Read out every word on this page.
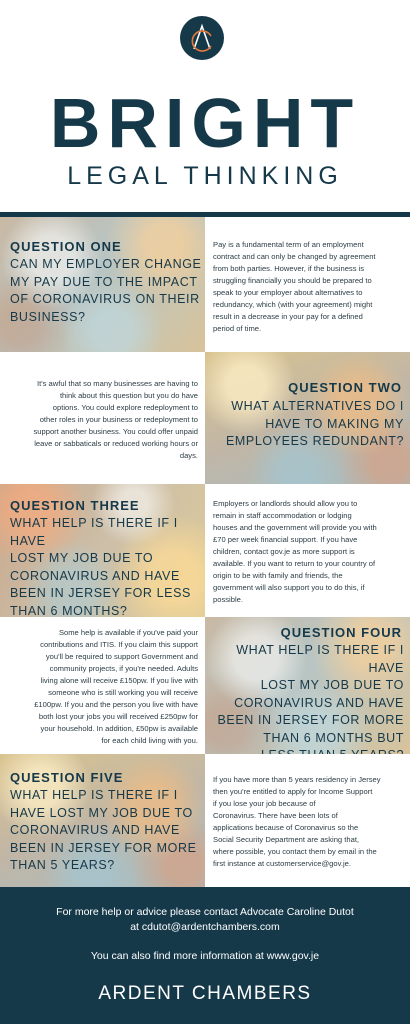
BRIGHT
LEGAL THINKING
QUESTION ONE
CAN MY EMPLOYER CHANGE
MY PAY DUE TO THE IMPACT
OF CORONAVIRUS ON THEIR
BUSINESS?
Pay is a fundamental term of an employment
contract and can only be changed by agreement
from both parties. However, if the business is
struggling financially you should be prepared to
speak to your employer about alternatives to
redundancy, which (with your agreement) might
result in a decrease in your pay for a defined
period of time.
It's awful that so many businesses are having to
think about this question but you do have
options. You could explore redeployment to
other roles in your business or redeployment to
support another business. You could offer unpaid
leave or sabbaticals or reduced working hours or
days.
QUESTION TWO
WHAT ALTERNATIVES DO I
HAVE TO MAKING MY
EMPLOYEES REDUNDANT?
QUESTION THREE
WHAT HELP IS THERE IF I HAVE
LOST MY JOB DUE TO
CORONAVIRUS AND HAVE
BEEN IN JERSEY FOR LESS
THAN 6 MONTHS?
Employers or landlords should allow you to
remain in staff accommodation or lodging
houses and the government will provide you with
£70 per week financial support. If you have
children, contact gov.je as more support is
available. If you want to return to your country of
origin to be with family and friends, the
government will also support you to do this, if
possible.
Some help is available if you've paid your
contributions and ITIS. If you claim this support
you'll be required to support Government and
community projects, if you're needed. Adults
living alone will receive £150pw. If you live with
someone who is still working you will receive
£100pw. If you and the person you live with have
both lost your jobs you will received £250pw for
your household. In addition, £50pw is available
for each child living with you.
QUESTION FOUR
WHAT HELP IS THERE IF I HAVE
LOST MY JOB DUE TO
CORONAVIRUS AND HAVE
BEEN IN JERSEY FOR MORE
THAN 6 MONTHS BUT
QUESTION FIVE
WHAT HELP IS THERE IF I
HAVE LOST MY JOB DUE TO
CORONAVIRUS AND HAVE
BEEN IN JERSEY FOR MORE
THAN 5 YEARS?
If you have more than 5 years residency in Jersey
then you're entitled to apply for Income Support
if you lose your job because of
Coronavirus. There have been lots of
applications because of Coronavirus so the
Social Security Department are asking that,
where possible, you contact them by email in the
first instance at customerservice@gov.je.
For more help or advice please contact Advocate Caroline Dutot
at cdutot@ardentchambers.com
You can also find more information at www.gov.je
ARDENT CHAMBERS
